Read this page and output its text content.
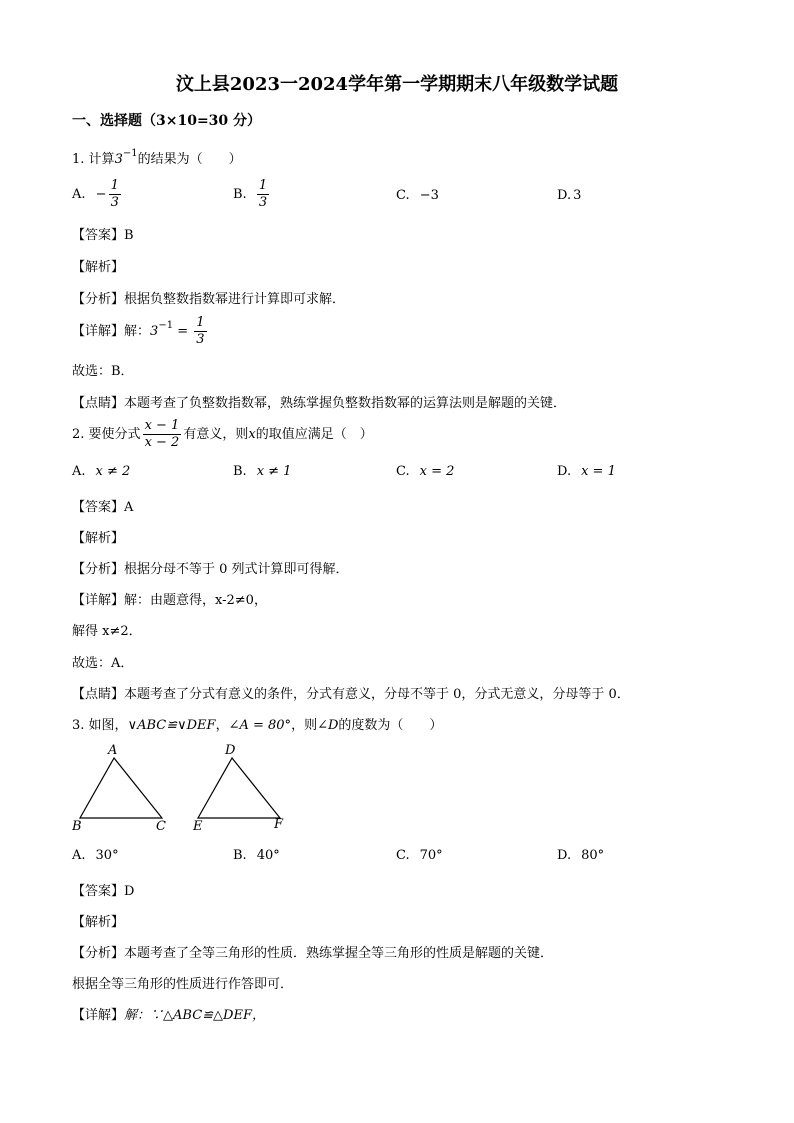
汶上县2023一2024学年第一学期期末八年级数学试题
一、选择题（3×10=30 分）
1. 计算$3^{-1}$的结果为（　　）
A. − $\frac{1}{3}$	B. $\frac{1}{3}$	C. −3	D. 3
【答案】B
【解析】
【分析】根据负整数指数幂进行计算即可求解．
【详解】解：$3^{-1} = \frac{1}{3}$
故选：B．
【点睛】本题考查了负整数指数幂，熟练掌握负整数指数幂的运算法则是解题的关键．
2. 要使分式 $\frac{x - 1}{x - 2}$ 有意义，则x的取值应满足（　）
A. x ≠ 2	B. x ≠ 1	C. x = 2	D. x = 1
【答案】A
【解析】
【分析】根据分母不等于 0 列式计算即可得解．
【详解】解：由题意得，x-2≠0，
解得 x≠2．
故选：A．
【点睛】本题考查了分式有意义的条件，分式有意义，分母不等于 0，分式无意义，分母等于 0．
3. 如图，∨ABC≌∨DEF，∠A = 80°，则∠D的度数为（　　）
A
B	C
D
E	F
A. 30°	B. 40°	C. 70°	D. 80°
【答案】D
【解析】
【分析】本题考查了全等三角形的性质．熟练掌握全等三角形的性质是解题的关键．
根据全等三角形的性质进行作答即可．
【详解】解：∵△ABC≌△DEF，
